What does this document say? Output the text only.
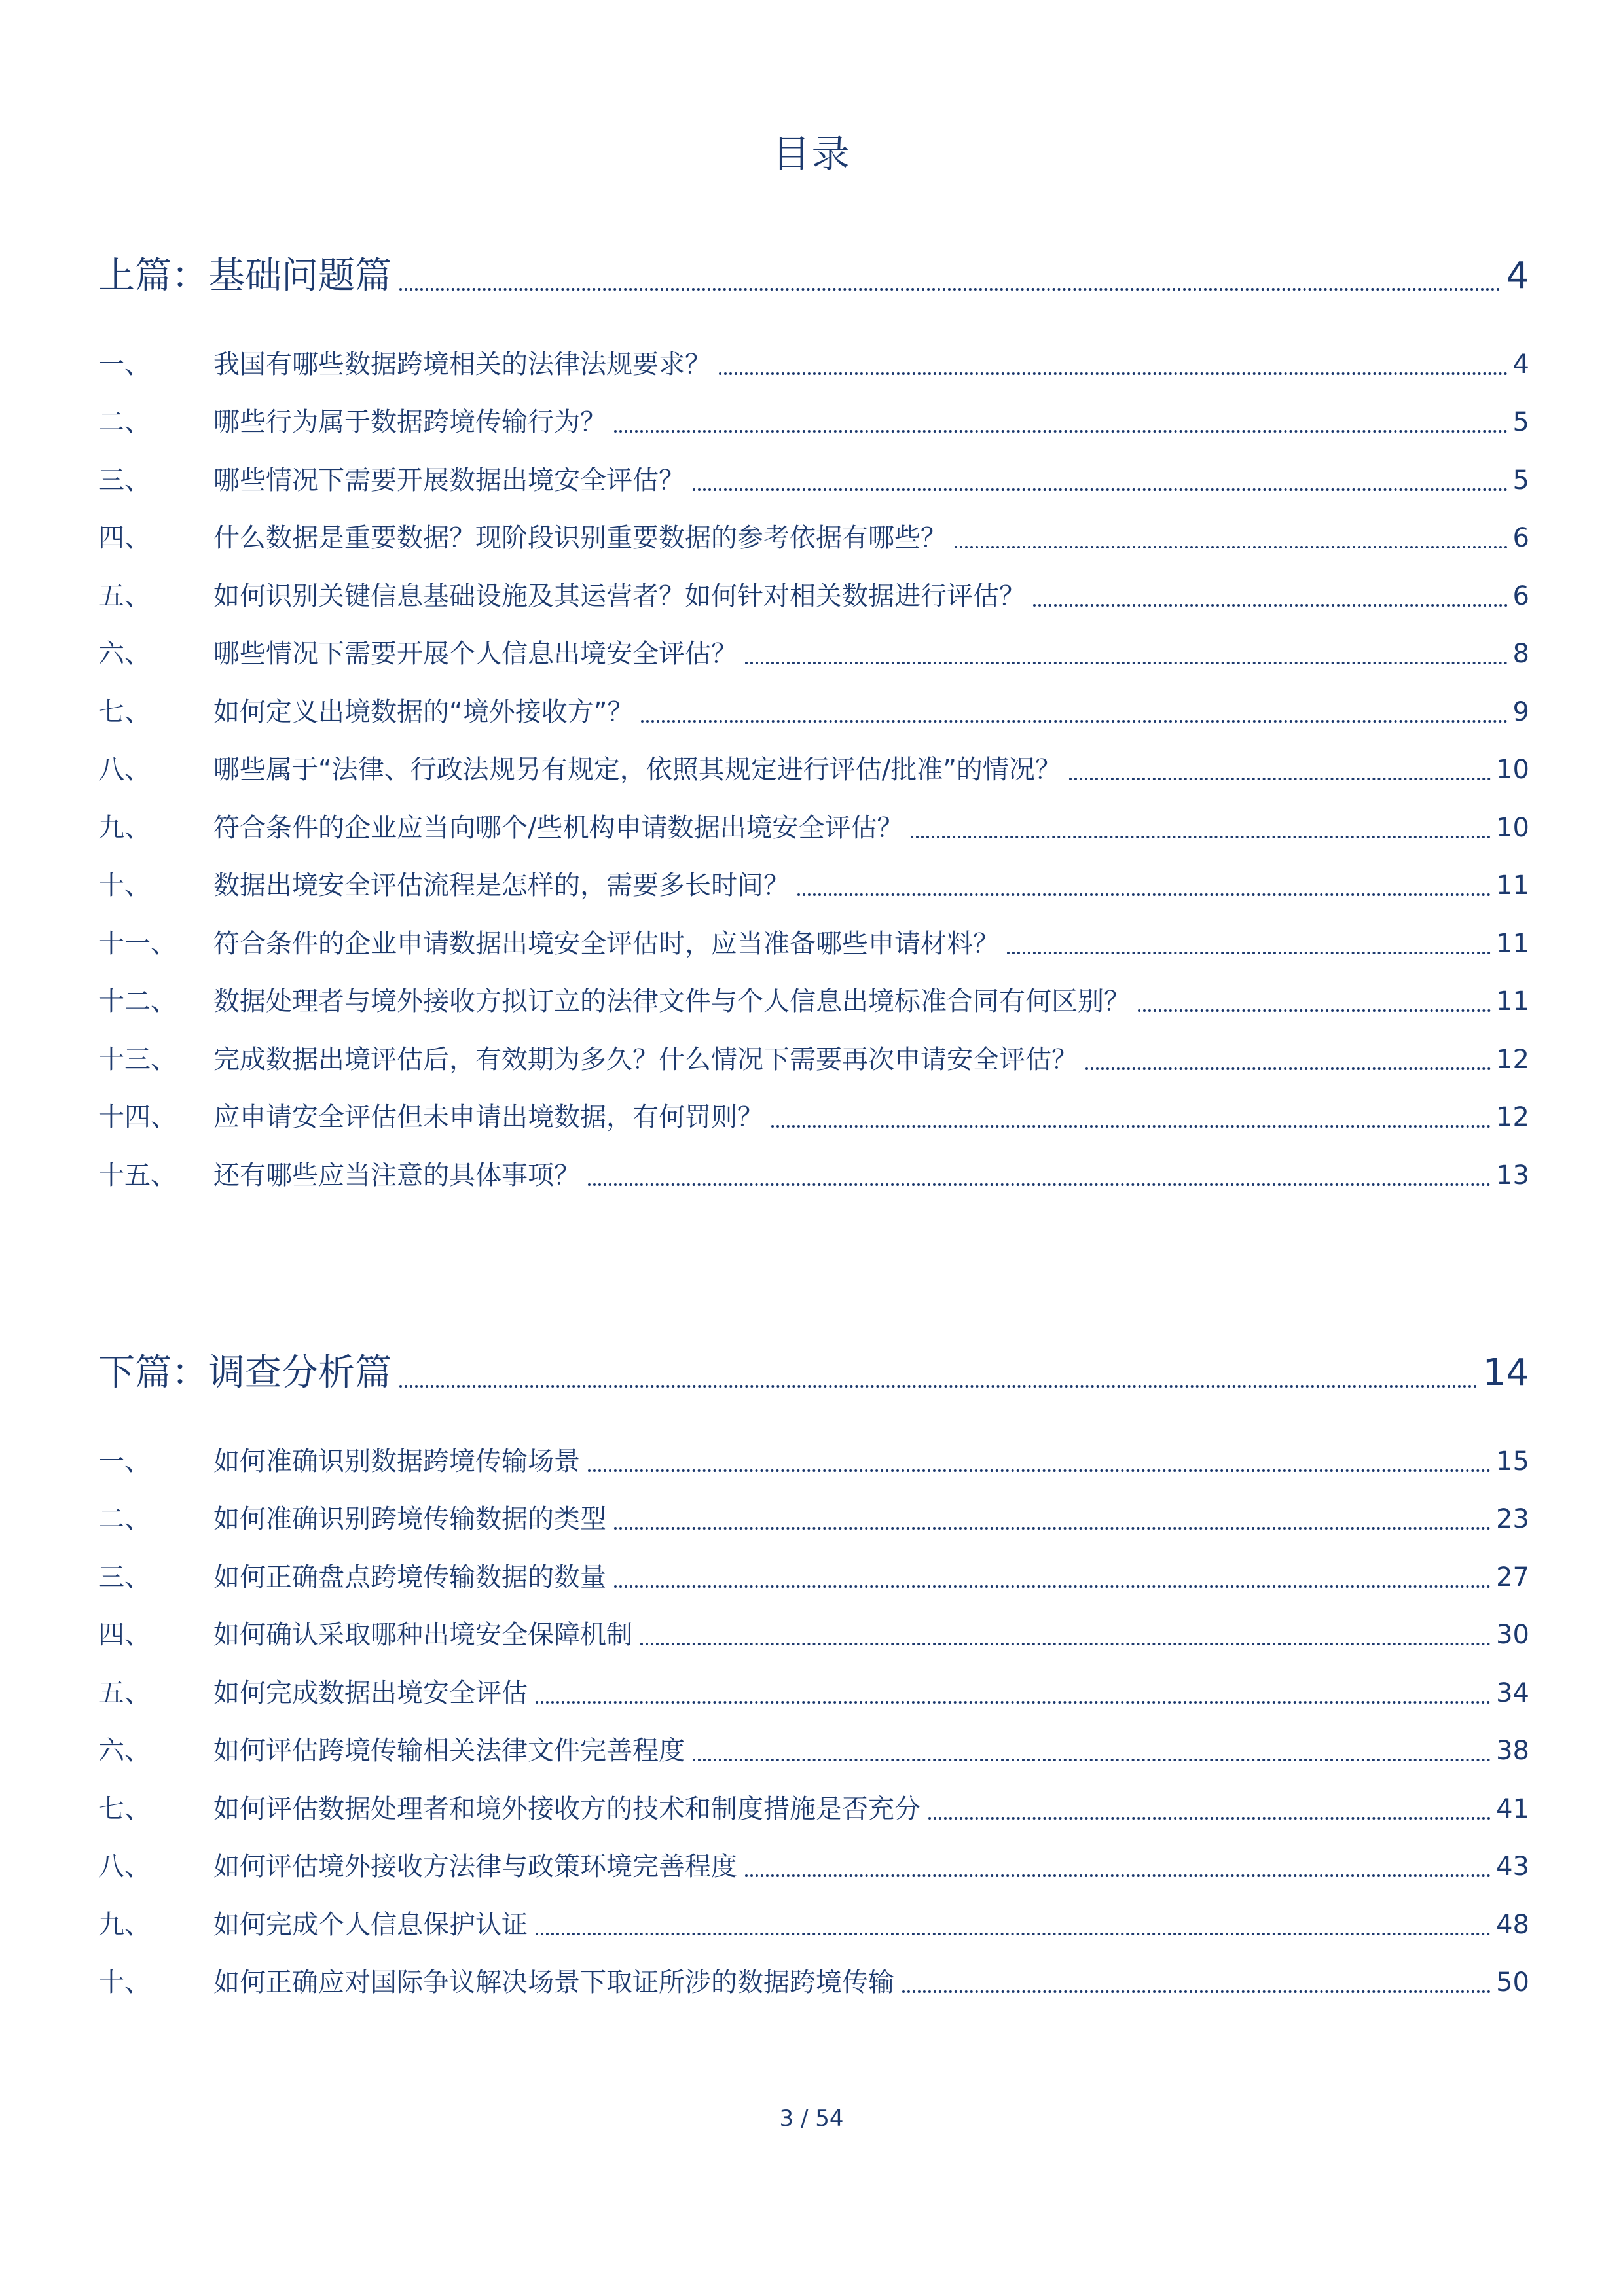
目录
上篇：基础问题篇	4
一、	我国有哪些数据跨境相关的法律法规要求？	4
二、	哪些行为属于数据跨境传输行为？	5
三、	哪些情况下需要开展数据出境安全评估？	5
四、	什么数据是重要数据？现阶段识别重要数据的参考依据有哪些？	6
五、	如何识别关键信息基础设施及其运营者？如何针对相关数据进行评估？	6
六、	哪些情况下需要开展个人信息出境安全评估？	8
七、	如何定义出境数据的“境外接收方”？	9
八、	哪些属于“法律、行政法规另有规定，依照其规定进行评估/批准”的情况？	10
九、	符合条件的企业应当向哪个/些机构申请数据出境安全评估？	10
十、	数据出境安全评估流程是怎样的，需要多长时间？	11
十一、	符合条件的企业申请数据出境安全评估时，应当准备哪些申请材料？	11
十二、	数据处理者与境外接收方拟订立的法律文件与个人信息出境标准合同有何区别？	11
十三、	完成数据出境评估后，有效期为多久？什么情况下需要再次申请安全评估？	12
十四、	应申请安全评估但未申请出境数据，有何罚则？	12
十五、	还有哪些应当注意的具体事项？	13
下篇：调查分析篇	14
一、	如何准确识别数据跨境传输场景	15
二、	如何准确识别跨境传输数据的类型	23
三、	如何正确盘点跨境传输数据的数量	27
四、	如何确认采取哪种出境安全保障机制	30
五、	如何完成数据出境安全评估	34
六、	如何评估跨境传输相关法律文件完善程度	38
七、	如何评估数据处理者和境外接收方的技术和制度措施是否充分	41
八、	如何评估境外接收方法律与政策环境完善程度	43
九、	如何完成个人信息保护认证	48
十、	如何正确应对国际争议解决场景下取证所涉的数据跨境传输	50
3 / 54
